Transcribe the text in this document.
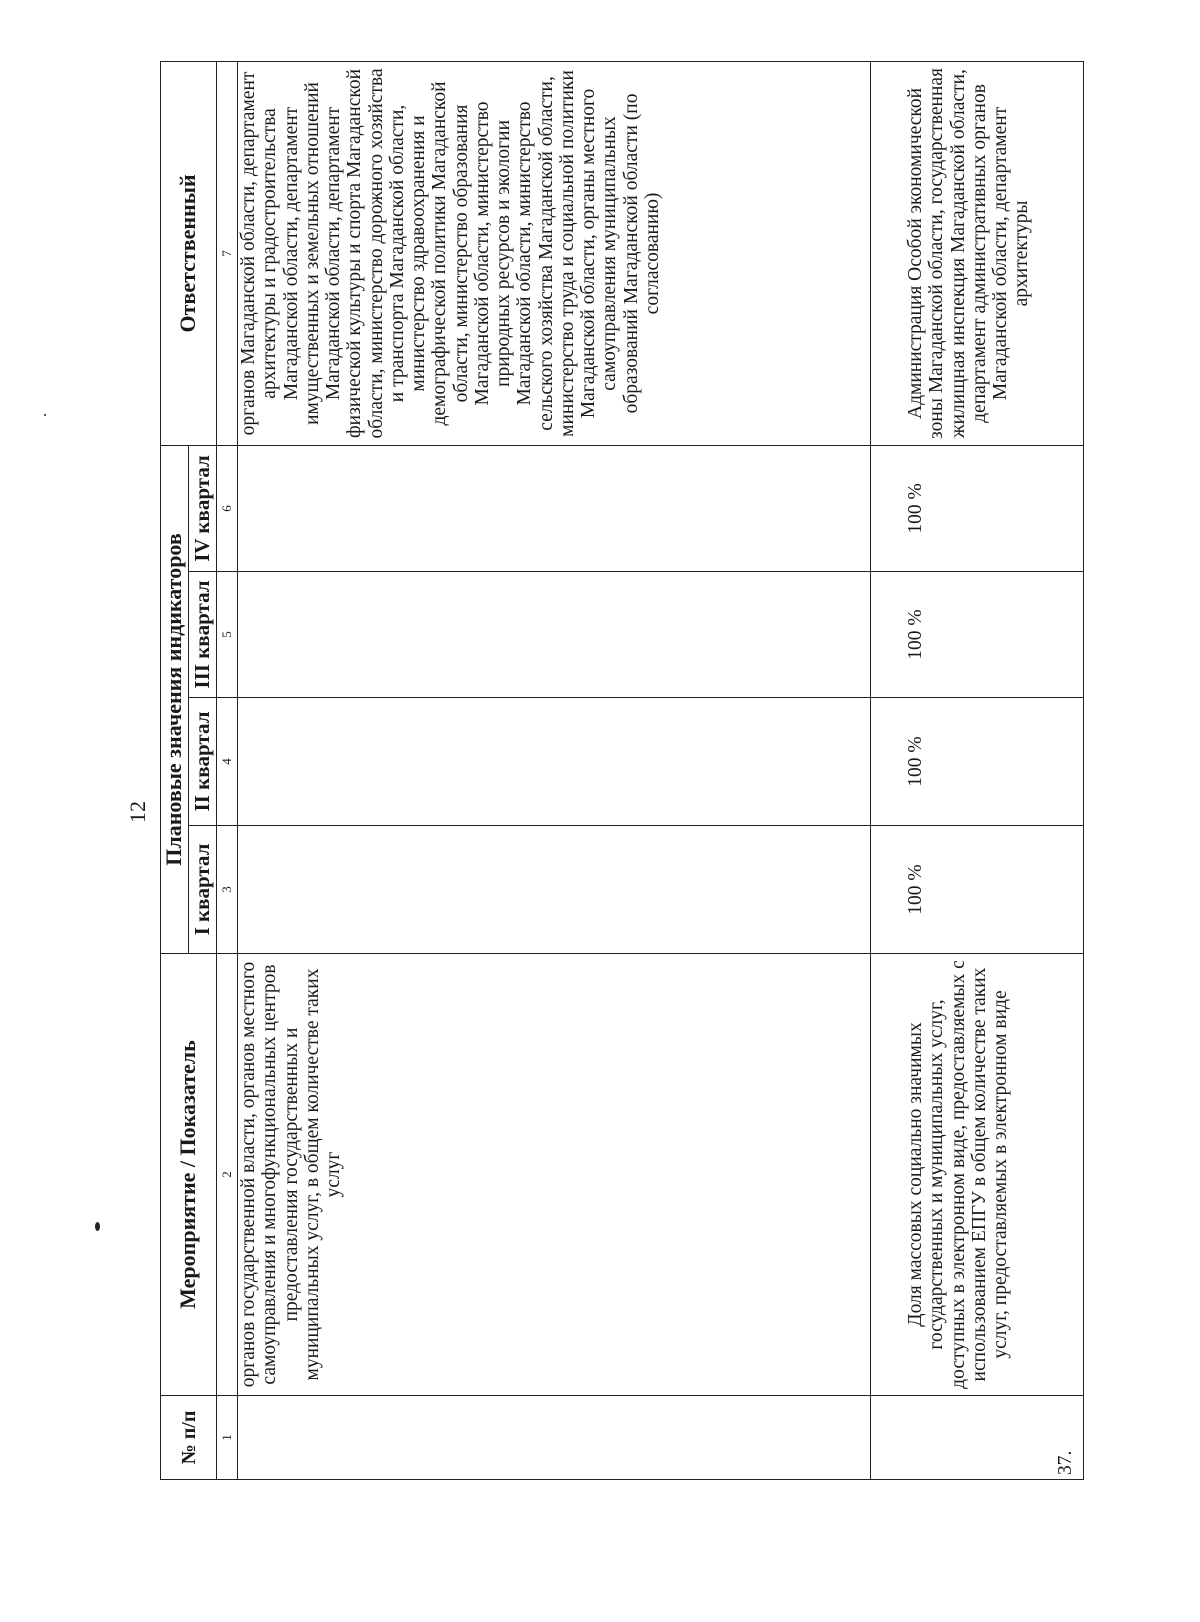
12
№ п/п	Мероприятие / Показатель	Плановые значения индикаторов				Ответственный
		I квартал	II квартал	III квартал	IV квартал	
1	2	3	4	5	6	7
	органов государственной власти, органов местного самоуправления и многофункциональных центров предоставления государственных и муниципальных услуг, в общем количестве таких услуг					органов Магаданской области, департамент архитектуры и градостроительства Магаданской области, департамент имущественных и земельных отношений Магаданской области, департамент физической культуры и спорта Магаданской области, министерство дорожного хозяйства и транспорта Магаданской области, министерство здравоохранения и демографической политики Магаданской области, министерство образования Магаданской области, министерство природных ресурсов и экологии Магаданской области, министерство сельского хозяйства Магаданской области, министерство труда и социальной политики Магаданской области, органы местного самоуправления муниципальных образований Магаданской области (по согласованию)
37.	Доля массовых социально значимых государственных и муниципальных услуг, доступных в электронном виде, предоставляемых с использованием ЕПГУ в общем количестве таких услуг, предоставляемых в электронном виде	100 %	100 %	100 %	100 %	Администрация Особой экономической зоны Магаданской области, государственная жилищная инспекция Магаданской области, департамент административных органов Магаданской области, департамент архитектуры
